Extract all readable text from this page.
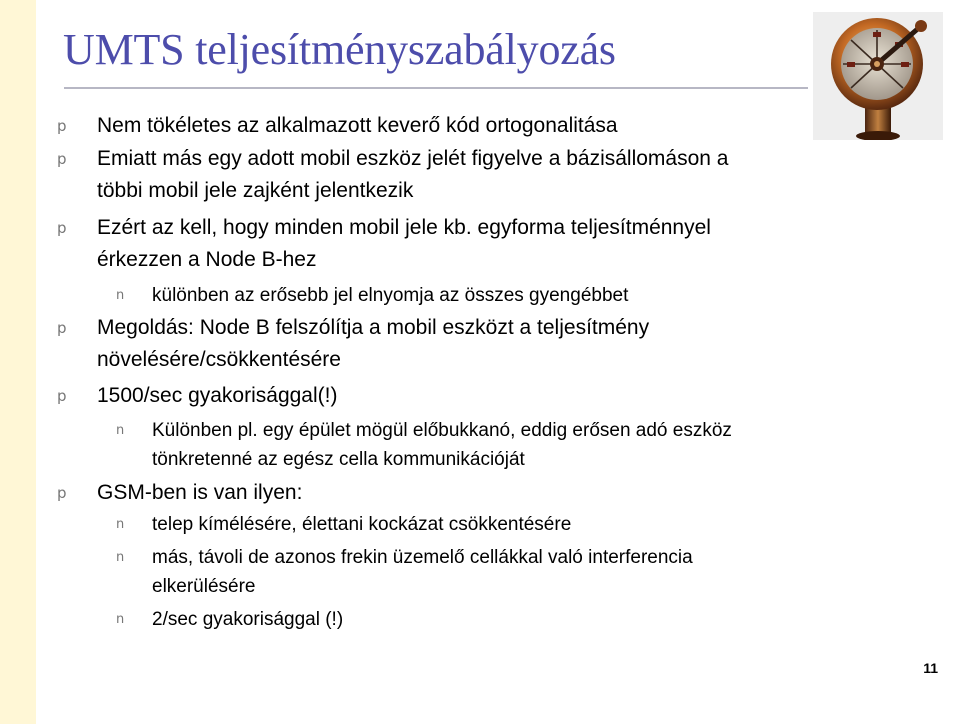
UMTS teljesítményszabályozás
p Nem tökéletes az alkalmazott keverő kód ortogonalitása
p Emiatt más egy adott mobil eszköz jelét figyelve a bázisállomáson a
többi mobil jele zajként jelentkezik
p Ezért az kell, hogy minden mobil jele kb. egyforma teljesítménnyel
érkezzen a Node B-hez
n különben az erősebb jel elnyomja az összes gyengébbet
p Megoldás: Node B felszólítja a mobil eszközt a teljesítmény
növelésére/csökkentésére
p 1500/sec gyakorisággal(!)
n Különben pl. egy épület mögül előbukkanó, eddig erősen adó eszköz
tönkretenné az egész cella kommunikációját
p GSM-ben is van ilyen:
n telep kímélésére, élettani kockázat csökkentésére
n más, távoli de azonos frekin üzemelő cellákkal való interferencia
elkerülésére
n 2/sec gyakorisággal (!)
11
